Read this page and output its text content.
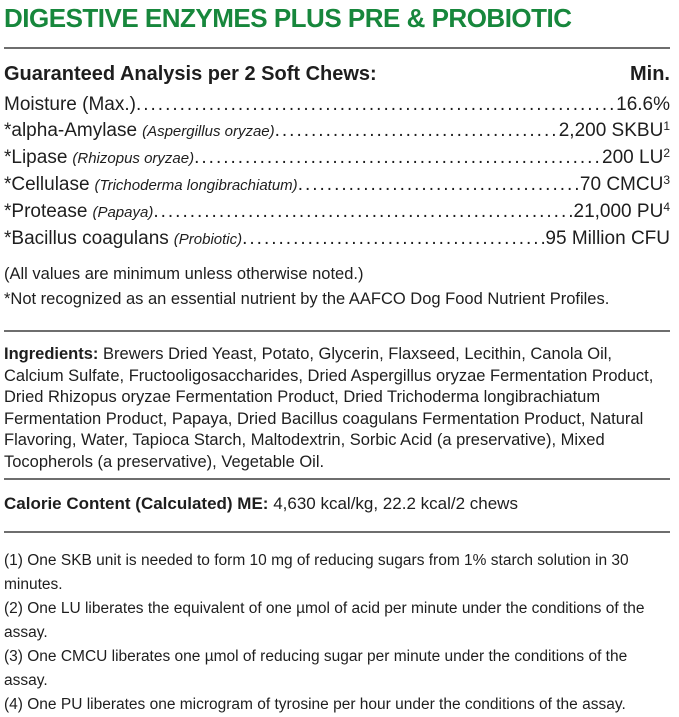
DIGESTIVE ENZYMES PLUS PRE & PROBIOTIC
Guaranteed Analysis per 2 Soft Chews:	Min.
Moisture (Max.) .....	16.6%
*alpha-Amylase (Aspergillus oryzae) .....	2,200 SKBU$^1$
*Lipase (Rhizopus oryzae) .....	200 $LU^2$
*Cellulase (Trichoderma longibrachiatum) .....	70 CMCU$^3$
*Protease (Papaya) .....	21,000 $PU^4$
*Bacillus coagulans (Probiotic) .....	95 Million CFU
(All values are minimum unless otherwise noted.)
*Not recognized as an essential nutrient by the AAFCO Dog Food Nutrient Profiles.

Ingredients: Brewers Dried Yeast, Potato, Glycerin, Flaxseed, Lecithin, Canola Oil, Calcium Sulfate, Fructooligosaccharides, Dried Aspergillus oryzae Fermentation Product, Dried Rhizopus oryzae Fermentation Product, Dried Trichoderma longibrachiatum Fermentation Product, Papaya, Dried Bacillus coagulans Fermentation Product, Natural Flavoring, Water, Tapioca Starch, Maltodextrin, Sorbic Acid (a preservative), Mixed Tocopherols (a preservative), Vegetable Oil.

Calorie Content (Calculated) ME: 4,630 kcal/kg, 22.2 kcal/2 chews

(1) One SKB unit is needed to form 10 mg of reducing sugars from 1% starch solution in 30 minutes.
(2) One LU liberates the equivalent of one µmol of acid per minute under the conditions of the assay.
(3) One CMCU liberates one µmol of reducing sugar per minute under the conditions of the assay.
(4) One PU liberates one microgram of tyrosine per hour under the conditions of the assay.
